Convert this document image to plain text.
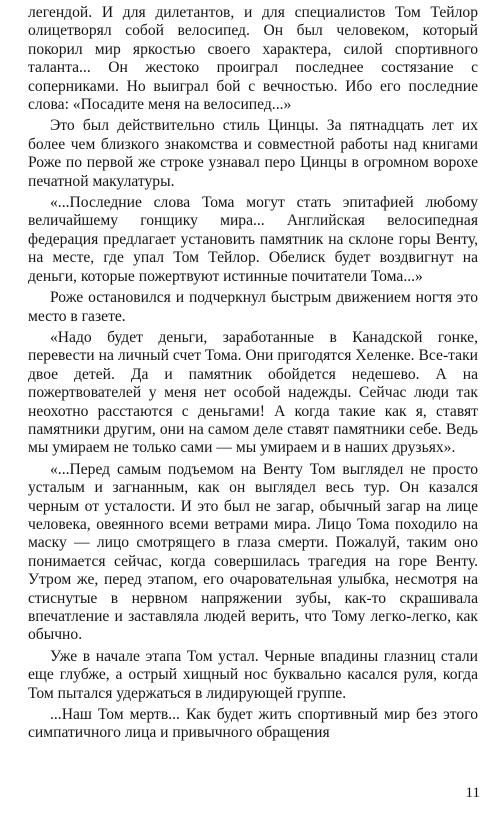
легендой. И для дилетантов, и для специалистов Том Тейлор олицетворял собой велосипед. Он был человеком, который покорил мир яркостью своего характера, силой спортивного таланта... Он жестоко проиграл последнее состязание с соперниками. Но выиграл бой с вечностью. Ибо его последние слова: «Посадите меня на велосипед...»

Это был действительно стиль Цинцы. За пятнадцать лет их более чем близкого знакомства и совместной работы над книгами Роже по первой же строке узнавал перо Цинцы в огромном ворохе печатной макулатуры.

«...Последние слова Тома могут стать эпитафией любому величайшему гонщику мира... Английская велосипедная федерация предлагает установить памятник на склоне горы Венту, на месте, где упал Том Тейлор. Обелиск будет воздвигнут на деньги, которые пожертвуют истинные почитатели Тома...»

Роже остановился и подчеркнул быстрым движением ногтя это место в газете.

«Надо будет деньги, заработанные в Канадской гонке, перевести на личный счет Тома. Они пригодятся Хеленке. Все-таки двое детей. Да и памятник обойдется недешево. А на пожертвователей у меня нет особой надежды. Сейчас люди так неохотно расстаются с деньгами! А когда такие как я, ставят памятники другим, они на самом деле ставят памятники себе. Ведь мы умираем не только сами — мы умираем и в наших друзьях».

«...Перед самым подъемом на Венту Том выглядел не просто усталым и загнанным, как он выглядел весь тур. Он казался черным от усталости. И это был не загар, обычный загар на лице человека, овеянного всеми ветрами мира. Лицо Тома походило на маску — лицо смотрящего в глаза смерти. Пожалуй, таким оно понимается сейчас, когда совершилась трагедия на горе Венту. Утром же, перед этапом, его очаровательная улыбка, несмотря на стиснутые в нервном напряжении зубы, как-то скрашивала впечатление и заставляла людей верить, что Тому легко-легко, как обычно.

Уже в начале этапа Том устал. Черные впадины глазниц стали еще глубже, а острый хищный нос буквально касался руля, когда Том пытался удержаться в лидирующей группе.

...Наш Том мертв... Как будет жить спортивный мир без этого симпатичного лица и привычного обращения

11
